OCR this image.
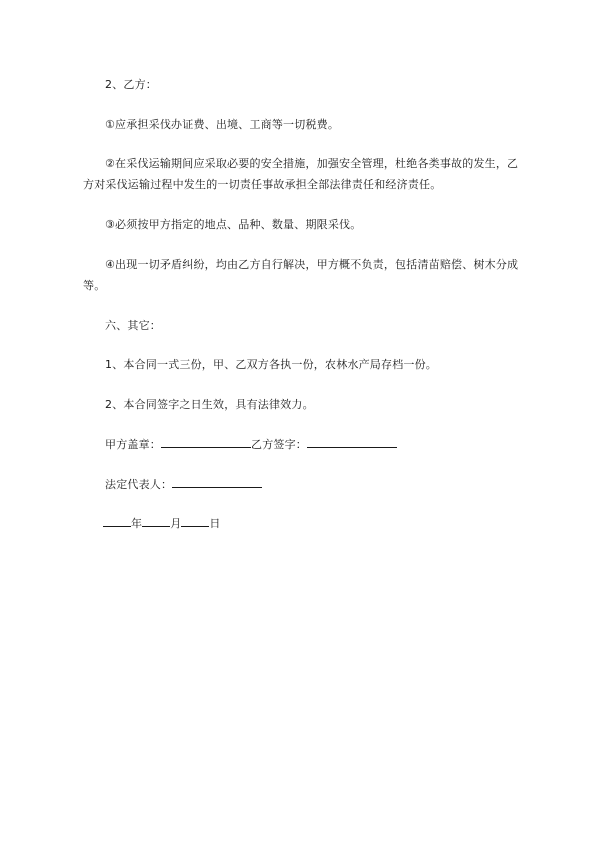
2、乙方：

①应承担采伐办证费、出境、工商等一切税费。

②在采伐运输期间应采取必要的安全措施，加强安全管理，杜绝各类事故的发生，乙方对采伐运输过程中发生的一切责任事故承担全部法律责任和经济责任。

③必须按甲方指定的地点、品种、数量、期限采伐。

④出现一切矛盾纠纷，均由乙方自行解决，甲方概不负责，包括清苗赔偿、树木分成等。

六、其它：

1、本合同一式三份，甲、乙双方各执一份，农林水产局存档一份。

2、本合同签字之日生效，具有法律效力。

甲方盖章：	乙方签字：
法定代表人：
年	月	日
